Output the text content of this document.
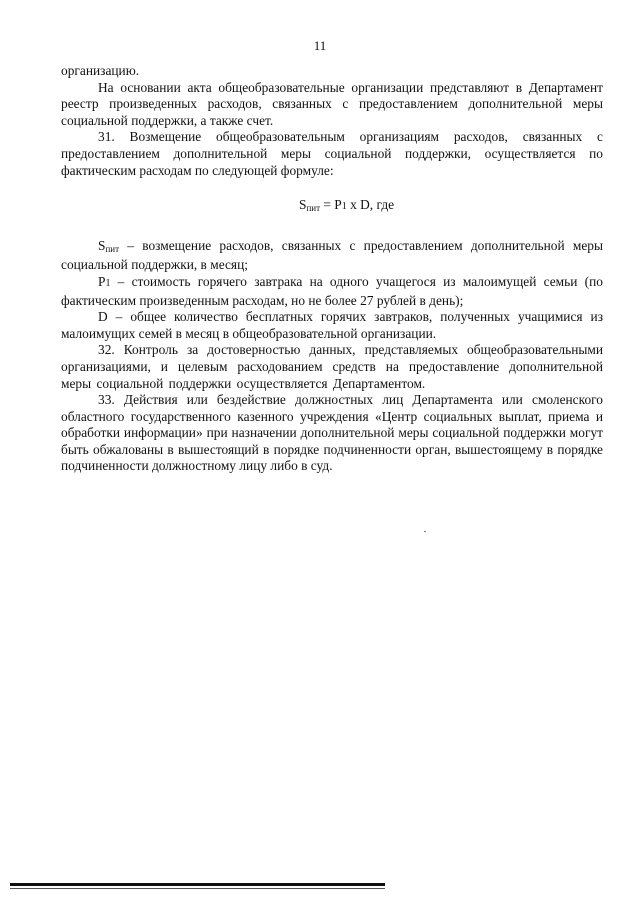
11

организацию.

На основании акта общеобразовательные организации представляют в Департамент реестр произведенных расходов, связанных с предоставлением дополнительной меры социальной поддержки, а также счет.

31. Возмещение общеобразовательным организациям расходов, связанных с предоставлением дополнительной меры социальной поддержки, осуществляется по фактическим расходам по следующей формуле:

$S_{пит} = P1$ x D, где

$S_{пит}$ – возмещение расходов, связанных с предоставлением дополнительной меры социальной поддержки, в месяц;

P1 – стоимость горячего завтрака на одного учащегося из малоимущей семьи (по фактическим произведенным расходам, но не более 27 рублей в день);

D – общее количество бесплатных горячих завтраков, полученных учащимися из малоимущих семей в месяц в общеобразовательной организации.

32. Контроль за достоверностью данных, представляемых общеобразовательными организациями, и целевым расходованием средств на предоставление дополнительной меры социальной поддержки осуществляется Департаментом.

33. Действия или бездействие должностных лиц Департамента или смоленского областного государственного казенного учреждения «Центр социальных выплат, приема и обработки информации» при назначении дополнительной меры социальной поддержки могут быть обжалованы в вышестоящий в порядке подчиненности орган, вышестоящему в порядке подчиненности должностному лицу либо в суд.
